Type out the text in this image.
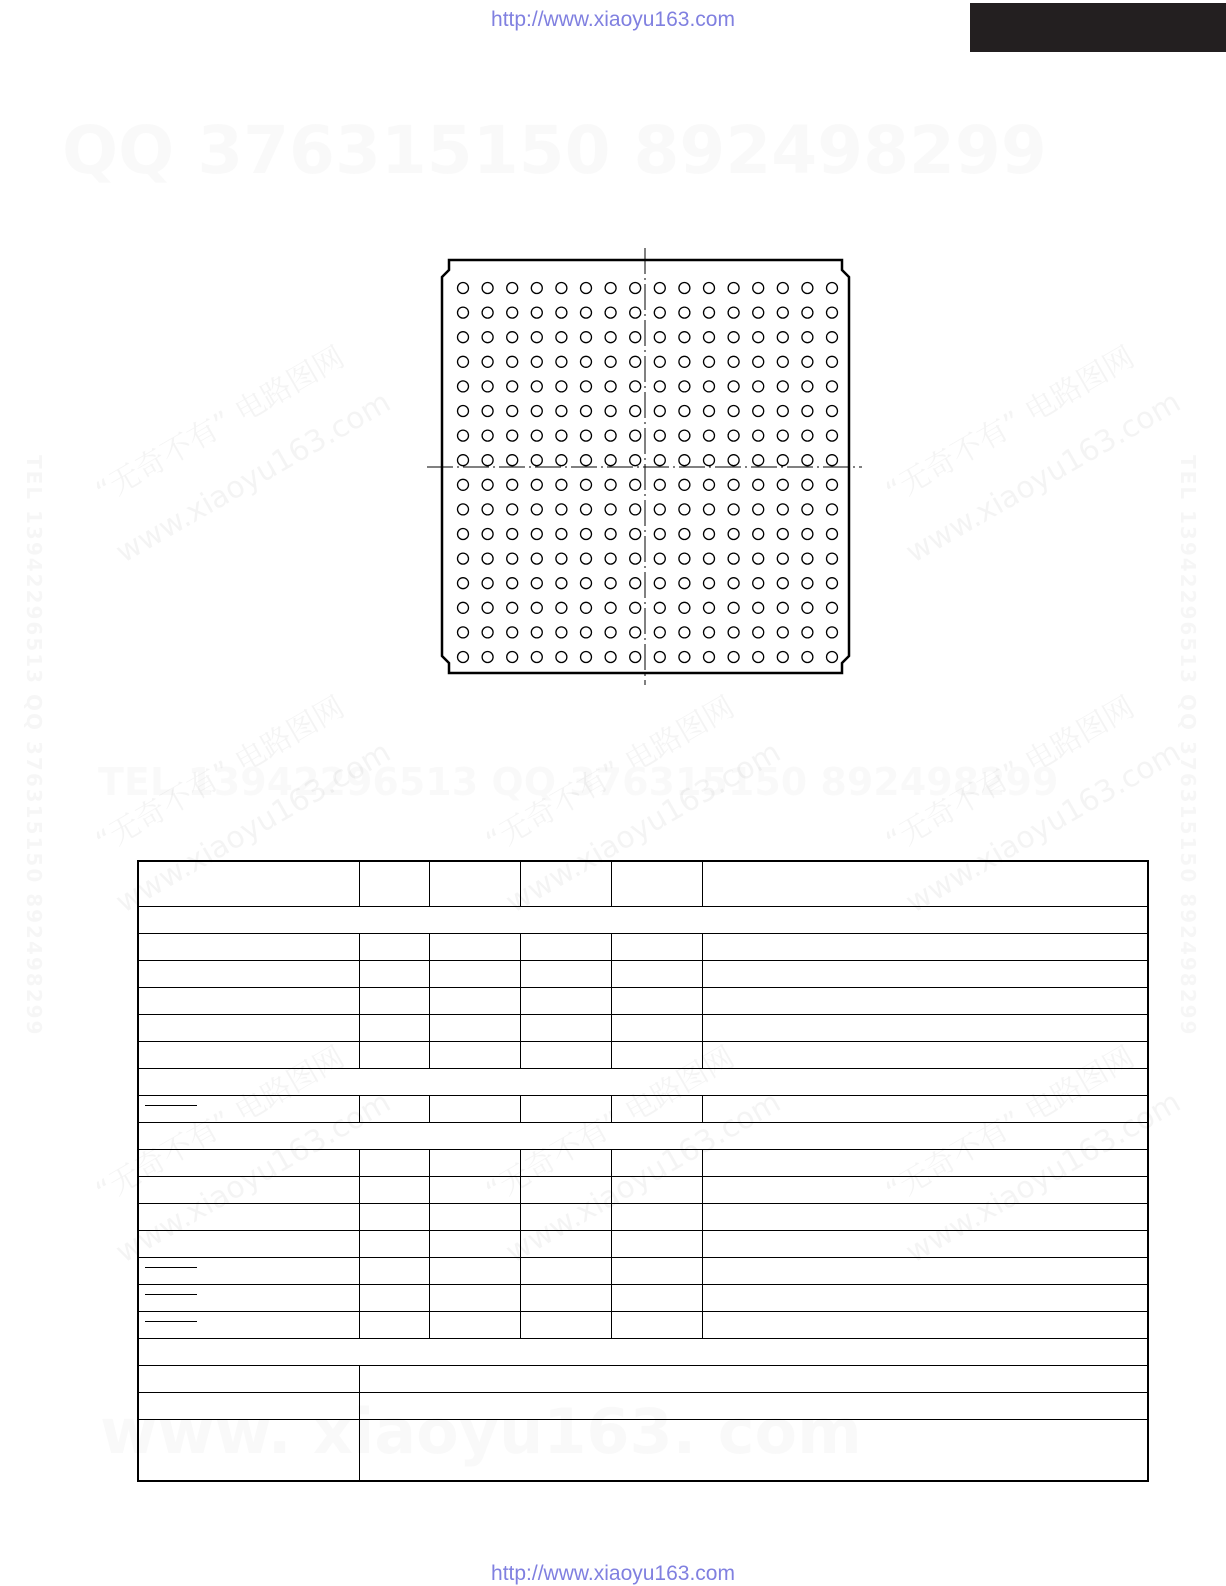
http://www.xiaoyu163.com
http://www.xiaoyu163.com
